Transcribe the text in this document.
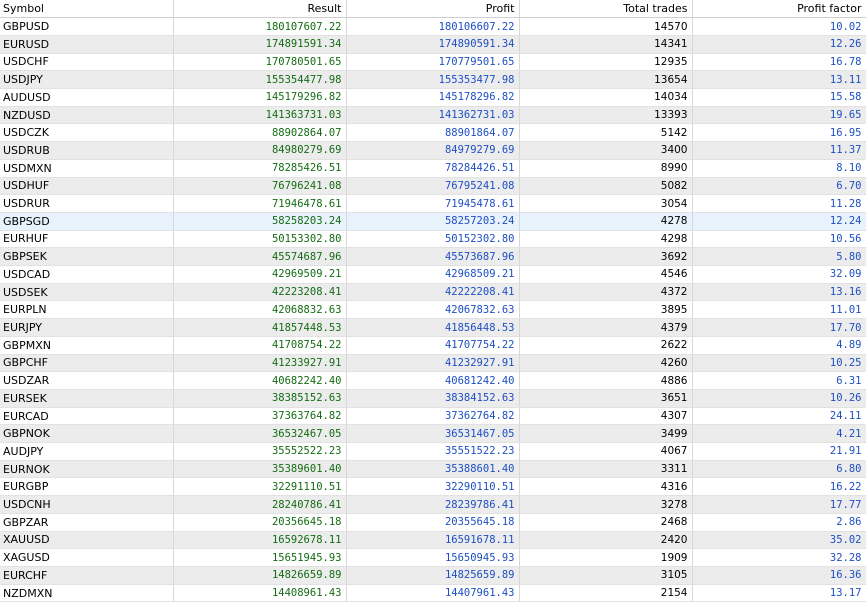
Symbol	Result	Profit	Total trades	Profit factor
GBPUSD	180107607.22	180106607.22	14570	10.02
EURUSD	174891591.34	174890591.34	14341	12.26
USDCHF	170780501.65	170779501.65	12935	16.78
USDJPY	155354477.98	155353477.98	13654	13.11
AUDUSD	145179296.82	145178296.82	14034	15.58
NZDUSD	141363731.03	141362731.03	13393	19.65
USDCZK	88902864.07	88901864.07	5142	16.95
USDRUB	84980279.69	84979279.69	3400	11.37
USDMXN	78285426.51	78284426.51	8990	8.10
USDHUF	76796241.08	76795241.08	5082	6.70
USDRUR	71946478.61	71945478.61	3054	11.28
GBPSGD	58258203.24	58257203.24	4278	12.24
EURHUF	50153302.80	50152302.80	4298	10.56
GBPSEK	45574687.96	45573687.96	3692	5.80
USDCAD	42969509.21	42968509.21	4546	32.09
USDSEK	42223208.41	42222208.41	4372	13.16
EURPLN	42068832.63	42067832.63	3895	11.01
EURJPY	41857448.53	41856448.53	4379	17.70
GBPMXN	41708754.22	41707754.22	2622	4.89
GBPCHF	41233927.91	41232927.91	4260	10.25
USDZAR	40682242.40	40681242.40	4886	6.31
EURSEK	38385152.63	38384152.63	3651	10.26
EURCAD	37363764.82	37362764.82	4307	24.11
GBPNOK	36532467.05	36531467.05	3499	4.21
AUDJPY	35552522.23	35551522.23	4067	21.91
EURNOK	35389601.40	35388601.40	3311	6.80
EURGBP	32291110.51	32290110.51	4316	16.22
USDCNH	28240786.41	28239786.41	3278	17.77
GBPZAR	20356645.18	20355645.18	2468	2.86
XAUUSD	16592678.11	16591678.11	2420	35.02
XAGUSD	15651945.93	15650945.93	1909	32.28
EURCHF	14826659.89	14825659.89	3105	16.36
NZDMXN	14408961.43	14407961.43	2154	13.17
